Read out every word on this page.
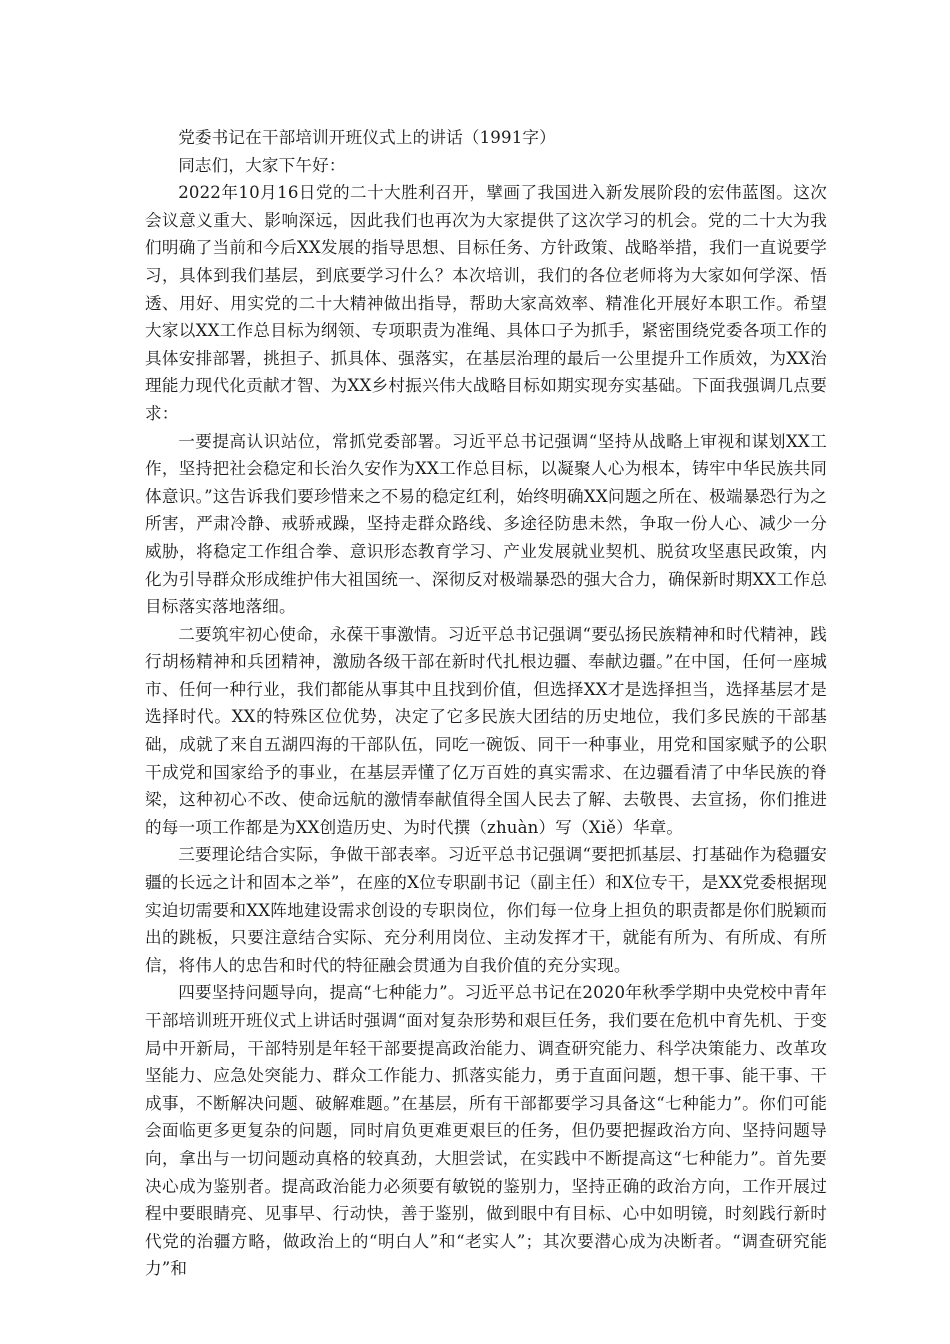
党委书记在干部培训开班仪式上的讲话（1991字）

同志们，大家下午好：

2022年10月16日党的二十大胜利召开，擘画了我国进入新发展阶段的宏伟蓝图。这次会议意义重大、影响深远，因此我们也再次为大家提供了这次学习的机会。党的二十大为我们明确了当前和今后XX发展的指导思想、目标任务、方针政策、战略举措，我们一直说要学习，具体到我们基层，到底要学习什么？本次培训，我们的各位老师将为大家如何学深、悟透、用好、用实党的二十大精神做出指导，帮助大家高效率、精准化开展好本职工作。希望大家以XX工作总目标为纲领、专项职责为准绳、具体口子为抓手，紧密围绕党委各项工作的具体安排部署，挑担子、抓具体、强落实，在基层治理的最后一公里提升工作质效，为XX治理能力现代化贡献才智、为XX乡村振兴伟大战略目标如期实现夯实基础。下面我强调几点要求：

一要提高认识站位，常抓党委部署。习近平总书记强调“坚持从战略上审视和谋划XX工作，坚持把社会稳定和长治久安作为XX工作总目标，以凝聚人心为根本，铸牢中华民族共同体意识。”这告诉我们要珍惜来之不易的稳定红利，始终明确XX问题之所在、极端暴恐行为之所害，严肃冷静、戒骄戒躁，坚持走群众路线、多途径防患未然，争取一份人心、减少一分威胁，将稳定工作组合拳、意识形态教育学习、产业发展就业契机、脱贫攻坚惠民政策，内化为引导群众形成维护伟大祖国统一、深彻反对极端暴恐的强大合力，确保新时期XX工作总目标落实落地落细。

二要筑牢初心使命，永葆干事激情。习近平总书记强调“要弘扬民族精神和时代精神，践行胡杨精神和兵团精神，激励各级干部在新时代扎根边疆、奉献边疆。”在中国，任何一座城市、任何一种行业，我们都能从事其中且找到价值，但选择XX才是选择担当，选择基层才是选择时代。XX的特殊区位优势，决定了它多民族大团结的历史地位，我们多民族的干部基础，成就了来自五湖四海的干部队伍，同吃一碗饭、同干一种事业，用党和国家赋予的公职干成党和国家给予的事业，在基层弄懂了亿万百姓的真实需求、在边疆看清了中华民族的脊梁，这种初心不改、使命远航的激情奉献值得全国人民去了解、去敬畏、去宣扬，你们推进的每一项工作都是为XX创造历史、为时代撰（zhuàn）写（Xiě）华章。

三要理论结合实际，争做干部表率。习近平总书记强调“要把抓基层、打基础作为稳疆安疆的长远之计和固本之举”，在座的X位专职副书记（副主任）和X位专干，是XX党委根据现实迫切需要和XX阵地建设需求创设的专职岗位，你们每一位身上担负的职责都是你们脱颖而出的跳板，只要注意结合实际、充分利用岗位、主动发挥才干，就能有所为、有所成、有所信，将伟人的忠告和时代的特征融会贯通为自我价值的充分实现。

四要坚持问题导向，提高“七种能力”。习近平总书记在2020年秋季学期中央党校中青年干部培训班开班仪式上讲话时强调“面对复杂形势和艰巨任务，我们要在危机中育先机、于变局中开新局，干部特别是年轻干部要提高政治能力、调查研究能力、科学决策能力、改革攻坚能力、应急处突能力、群众工作能力、抓落实能力，勇于直面问题，想干事、能干事、干成事，不断解决问题、破解难题。”在基层，所有干部都要学习具备这“七种能力”。你们可能会面临更多更复杂的问题，同时肩负更难更艰巨的任务，但仍要把握政治方向、坚持问题导向，拿出与一切问题动真格的较真劲，大胆尝试，在实践中不断提高这“七种能力”。首先要决心成为鉴别者。提高政治能力必须要有敏锐的鉴别力，坚持正确的政治方向，工作开展过程中要眼睛亮、见事早、行动快，善于鉴别，做到眼中有目标、心中如明镜，时刻践行新时代党的治疆方略，做政治上的“明白人”和“老实人”；其次要潜心成为决断者。“调查研究能力”和
